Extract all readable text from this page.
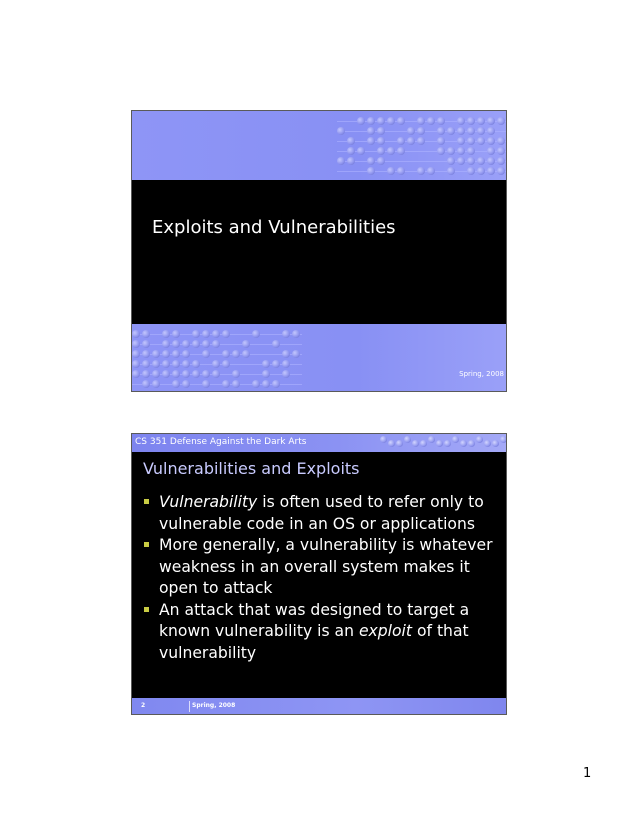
Exploits and Vulnerabilities
Spring, 2008
CS 351 Defense Against the Dark Arts
Vulnerabilities and Exploits
Vulnerability is often used to refer only to vulnerable code in an OS or applications
More generally, a vulnerability is whatever weakness in an overall system makes it open to attack
An attack that was designed to target a known vulnerability is an exploit of that vulnerability
2	Spring, 2008
1
